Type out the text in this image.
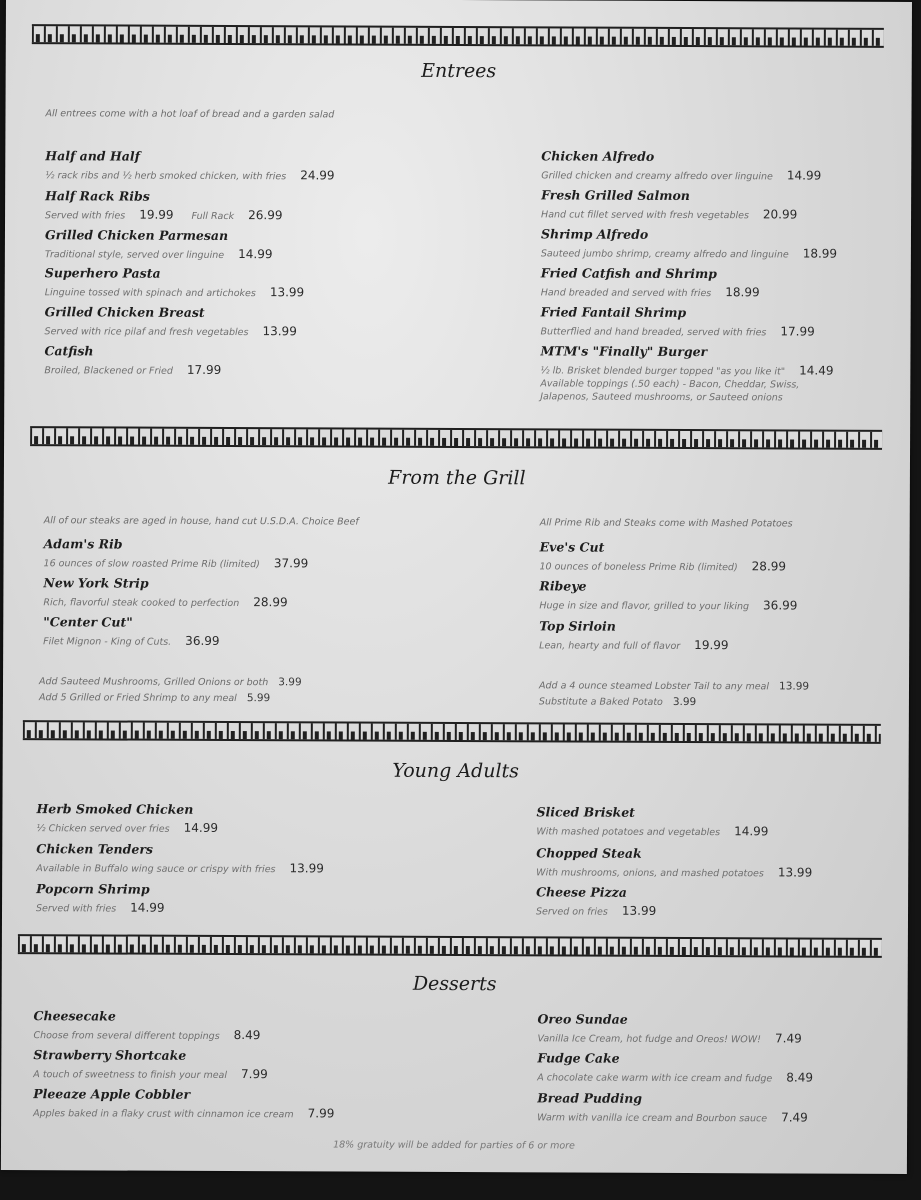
Entrees
All entrees come with a hot loaf of bread and a garden salad
Half and Half
½ rack ribs and ½ herb smoked chicken, with fries 24.99
Half Rack Ribs
Served with fries 19.99 Full Rack 26.99
Grilled Chicken Parmesan
Traditional style, served over linguine 14.99
Superhero Pasta
Linguine tossed with spinach and artichokes 13.99
Grilled Chicken Breast
Served with rice pilaf and fresh vegetables 13.99
Catfish
Broiled, Blackened or Fried 17.99
Chicken Alfredo
Grilled chicken and creamy alfredo over linguine 14.99
Fresh Grilled Salmon
Hand cut fillet served with fresh vegetables 20.99
Shrimp Alfredo
Sauteed jumbo shrimp, creamy alfredo and linguine 18.99
Fried Catfish and Shrimp
Hand breaded and served with fries 18.99
Fried Fantail Shrimp
Butterflied and hand breaded, served with fries 17.99
MTM's "Finally" Burger
½ lb. Brisket blended burger topped "as you like it" 14.49
Available toppings (.50 each) - Bacon, Cheddar, Swiss,
Jalapenos, Sauteed mushrooms, or Sauteed onions
From the Grill
All of our steaks are aged in house, hand cut U.S.D.A. Choice Beef	All Prime Rib and Steaks come with Mashed Potatoes
Adam's Rib
16 ounces of slow roasted Prime Rib (limited) 37.99
New York Strip
Rich, flavorful steak cooked to perfection 28.99
"Center Cut"
Filet Mignon - King of Cuts. 36.99
Eve's Cut
10 ounces of boneless Prime Rib (limited) 28.99
Ribeye
Huge in size and flavor, grilled to your liking 36.99
Top Sirloin
Lean, hearty and full of flavor 19.99
Add Sauteed Mushrooms, Grilled Onions or both 3.99
Add 5 Grilled or Fried Shrimp to any meal 5.99
Add a 4 ounce steamed Lobster Tail to any meal 13.99
Substitute a Baked Potato 3.99
Young Adults
Herb Smoked Chicken
½ Chicken served over fries 14.99
Chicken Tenders
Available in Buffalo wing sauce or crispy with fries 13.99
Popcorn Shrimp
Served with fries 14.99
Sliced Brisket
With mashed potatoes and vegetables 14.99
Chopped Steak
With mushrooms, onions, and mashed potatoes 13.99
Cheese Pizza
Served on fries 13.99
Desserts
Cheesecake
Choose from several different toppings 8.49
Strawberry Shortcake
A touch of sweetness to finish your meal 7.99
Pleeaze Apple Cobbler
Apples baked in a flaky crust with cinnamon ice cream 7.99
Oreo Sundae
Vanilla Ice Cream, hot fudge and Oreos! WOW! 7.49
Fudge Cake
A chocolate cake warm with ice cream and fudge 8.49
Bread Pudding
Warm with vanilla ice cream and Bourbon sauce 7.49
18% gratuity will be added for parties of 6 or more
